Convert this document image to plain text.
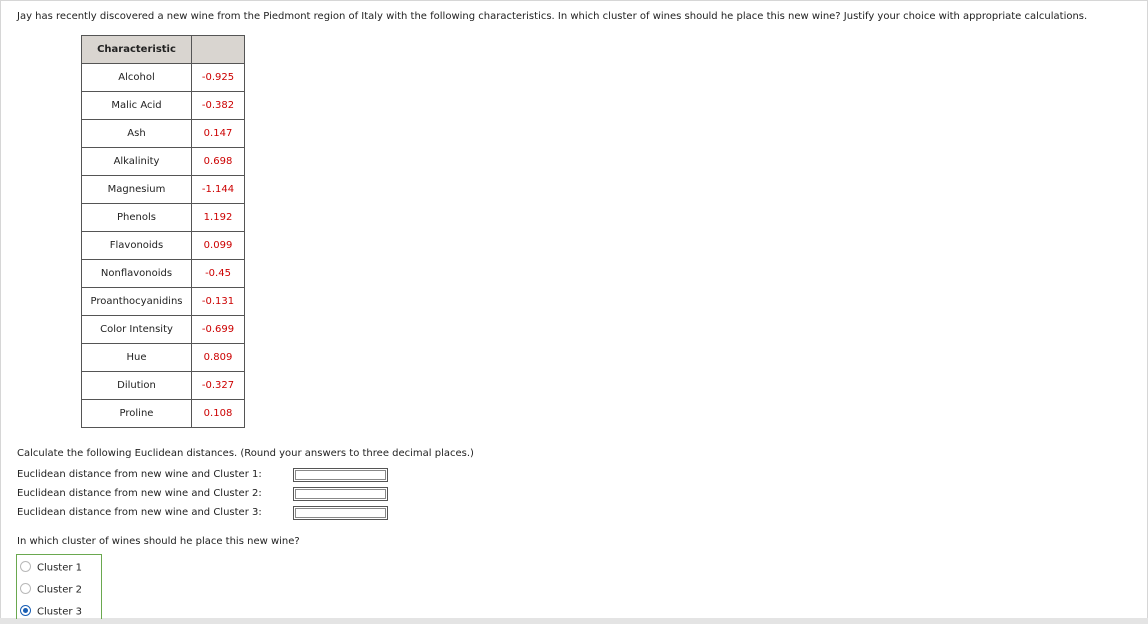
Jay has recently discovered a new wine from the Piedmont region of Italy with the following characteristics. In which cluster of wines should he place this new wine? Justify your choice with appropriate calculations.
Characteristic	
Alcohol	-0.925
Malic Acid	-0.382
Ash	0.147
Alkalinity	0.698
Magnesium	-1.144
Phenols	1.192
Flavonoids	0.099
Nonflavonoids	-0.45
Proanthocyanidins	-0.131
Color Intensity	-0.699
Hue	0.809
Dilution	-0.327
Proline	0.108
Calculate the following Euclidean distances. (Round your answers to three decimal places.)
Euclidean distance from new wine and Cluster 1:
Euclidean distance from new wine and Cluster 2:
Euclidean distance from new wine and Cluster 3:
In which cluster of wines should he place this new wine?
Cluster 1
Cluster 2
Cluster 3
